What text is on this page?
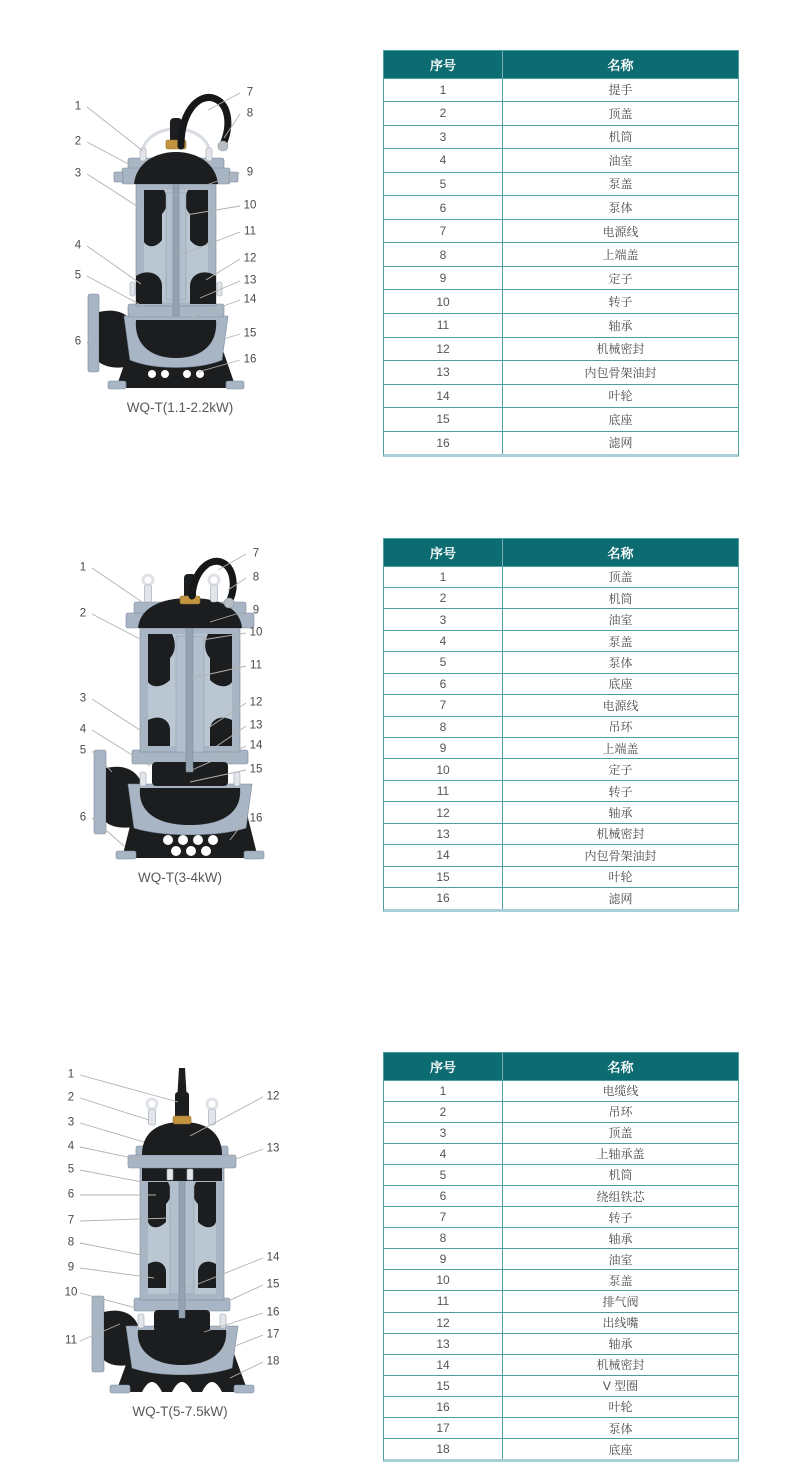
WQ-T(1.1-2.2kW)
1
2
3
4
5
6
7
8
9
10
11
12
13
14
15
16
序号	名称
1	提手
2	顶盖
3	机筒
4	油室
5	泵盖
6	泵体
7	电源线
8	上端盖
9	定子
10	转子
11	轴承
12	机械密封
13	内包骨架油封
14	叶轮
15	底座
16	滤网
WQ-T(3-4kW)
1
2
3
4
5
6
7
8
9
10
11
12
13
14
15
16
序号	名称
1	顶盖
2	机筒
3	油室
4	泵盖
5	泵体
6	底座
7	电源线
8	吊环
9	上端盖
10	定子
11	转子
12	轴承
13	机械密封
14	内包骨架油封
15	叶轮
16	滤网
WQ-T(5-7.5kW)
1
2
3
4
5
6
7
8
9
10
11
12
13
14
15
16
17
18
序号	名称
1	电缆线
2	吊环
3	顶盖
4	上轴承盖
5	机筒
6	绕组铁芯
7	转子
8	轴承
9	油室
10	泵盖
11	排气阀
12	出线嘴
13	轴承
14	机械密封
15	V 型圈
16	叶轮
17	泵体
18	底座
